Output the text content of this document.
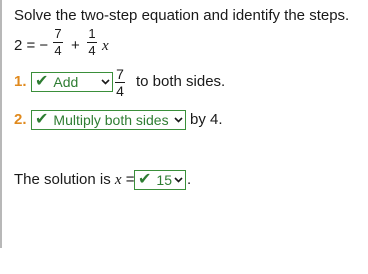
Solve the two-step equation and identify the steps.
2 = −
7
4 +
1
4 x
1. ✔ Add	7
4
to both sides.
2. ✔ Multiply both sides by 4.
The solution is x = ✔ 15 .
